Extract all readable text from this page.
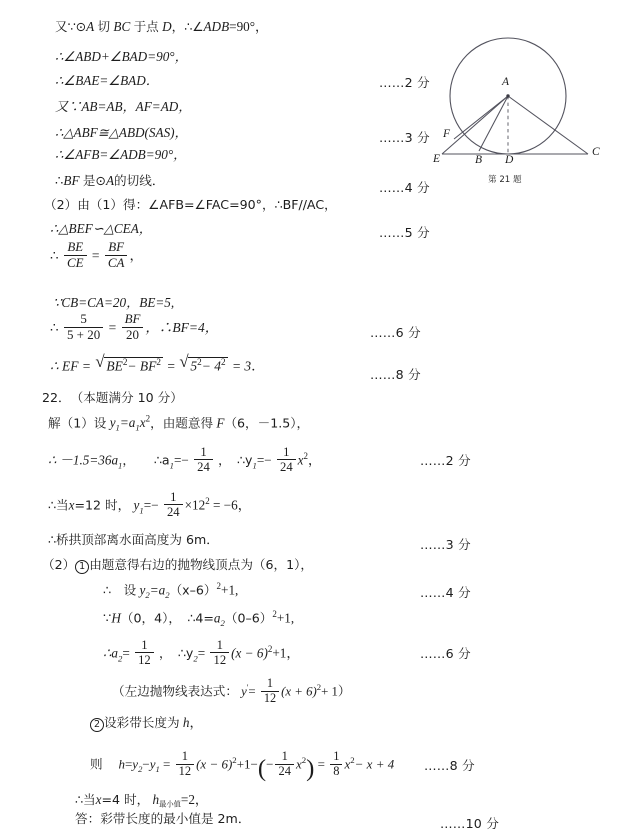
又∵⊙A 切 BC 于点 D，∴∠ADB=90°，
∴∠ABD+∠BAD=90°，
∴∠BAE=∠BAD．
又∵AB=AB，AF=AD，
∴△ABF≅△ABD(SAS)，
∴∠AFB=∠ADB=90°，
∴BF 是⊙A的切线．
（2）由（1）得：∠AFB=∠FAC=90°，∴BF//AC，
∴△BEF∽△CEA，
∴ $\frac{BE}{CE} = \frac{BF}{CA}$ ，
∵CB=CA=20，BE=5,
∴ $\frac{5}{5 + 20} = \frac{BF}{20}$ ，∴BF=4，
∴ EF = √ $BE^2- BF^2$ = √ $5^2- 4^2 = 3$．
……2 分
……3 分
……4 分
……5 分
……6 分
……8 分
A
B
C
D
E
F
第 21 题
22．　（本题满分 10 分）
解（1）设 $y_1=a_1x^2$，由题意得 F（6，－1.5），
∴ $-1.5=36a_1$，　　$\therefore a_1=- \frac{1}{24}$ ，　$\therefore y_1=- \frac{1}{24} x^2$，
∴当x=12 时， $y_1=- \frac{1}{24} \times 12^2 = -6$，
∴桥拱顶部离水面高度为 6m．
（2） 1 由题意得右边的抛物线顶点为（6，1），
∴　设 $y_2=a_2(x-6)^2+1$,
∵H（0，4），　$\therefore 4=a_2(0-6)^2+1$,
$\therefore a_2= \frac{1}{12}$ ，　$\therefore y_2= \frac{1}{12} (x - 6)^2+1$，
（左边抛物线表达式： $y'= \frac{1}{12} (x + 6)^2+ 1$）
2 设彩带长度为 h，
则　 $h=y_2-y_1 = \frac{1}{12} (x - 6)^2+1-(- \frac{1}{24} x^2) = \frac{1}{8} x^2- x + 4$
∴当x=4 时， $h_{最小值}=2$，
答：彩带长度的最小值是 2m．
……2 分
……3 分
……4 分
……6 分
……8 分
……10 分
